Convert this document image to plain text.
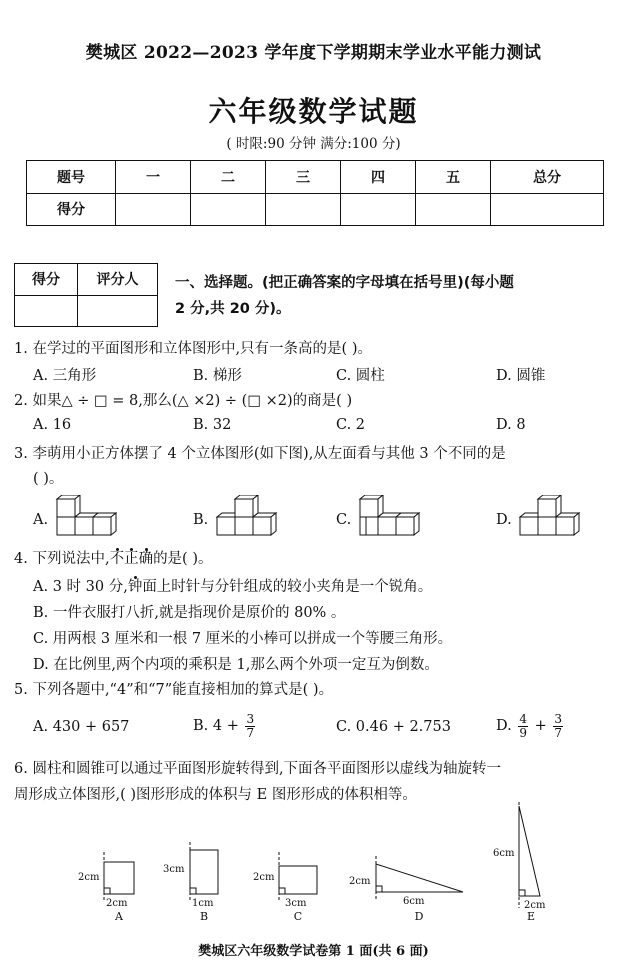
樊城区 2022—2023 学年度下学期期末学业水平能力测试
六年级数学试题
( 时限:90 分钟 满分:100 分)
题号	一	二	三	四	五	总分
得分						
得分	评分人
		一、选择题。(把正确答案的字母填在括号里)(每小题
2 分,共 20 分)。
1. 在学过的平面图形和立体图形中,只有一条高的是( )。
A. 三角形	B. 梯形	C. 圆柱	D. 圆锥
2. 如果△ ÷ □ = 8,那么(△ ×2) ÷ (□ ×2)的商是( )
A. 16	B. 32	C. 2	D. 8
3. 李萌用小正方体摆了 4 个立体图形(如下图),从左面看与其他 3 个不同的是
( )。
A.	B.	C.	D.
4. 下列说法中,不正确的是( )。
A. 3 时 30 分,钟面上时针与分针组成的较小夹角是一个锐角。
B. 一件衣服打八折,就是指现价是原价的 80% 。
C. 用两根 3 厘米和一根 7 厘米的小棒可以拼成一个等腰三角形。
D. 在比例里,两个内项的乘积是 1,那么两个外项一定互为倒数。
5. 下列各题中,“4”和“7”能直接相加的算式是( )。
A. 430 + 657	B. $4 + \frac{3}{7}$	C. 0.46 + 2.753	D. $\frac{4}{9} + \frac{3}{7}$
6. 圆柱和圆锥可以通过平面图形旋转得到,下面各平面图形以虚线为轴旋转一
周形成立体图形,( )图形形成的体积与 E 图形形成的体积相等。
2cm
2cm
3cm
1cm
2cm
3cm
2cm
6cm
6cm
2cm
A	B	C	D	E
樊城区六年级数学试卷第 1 面(共 6 面)
